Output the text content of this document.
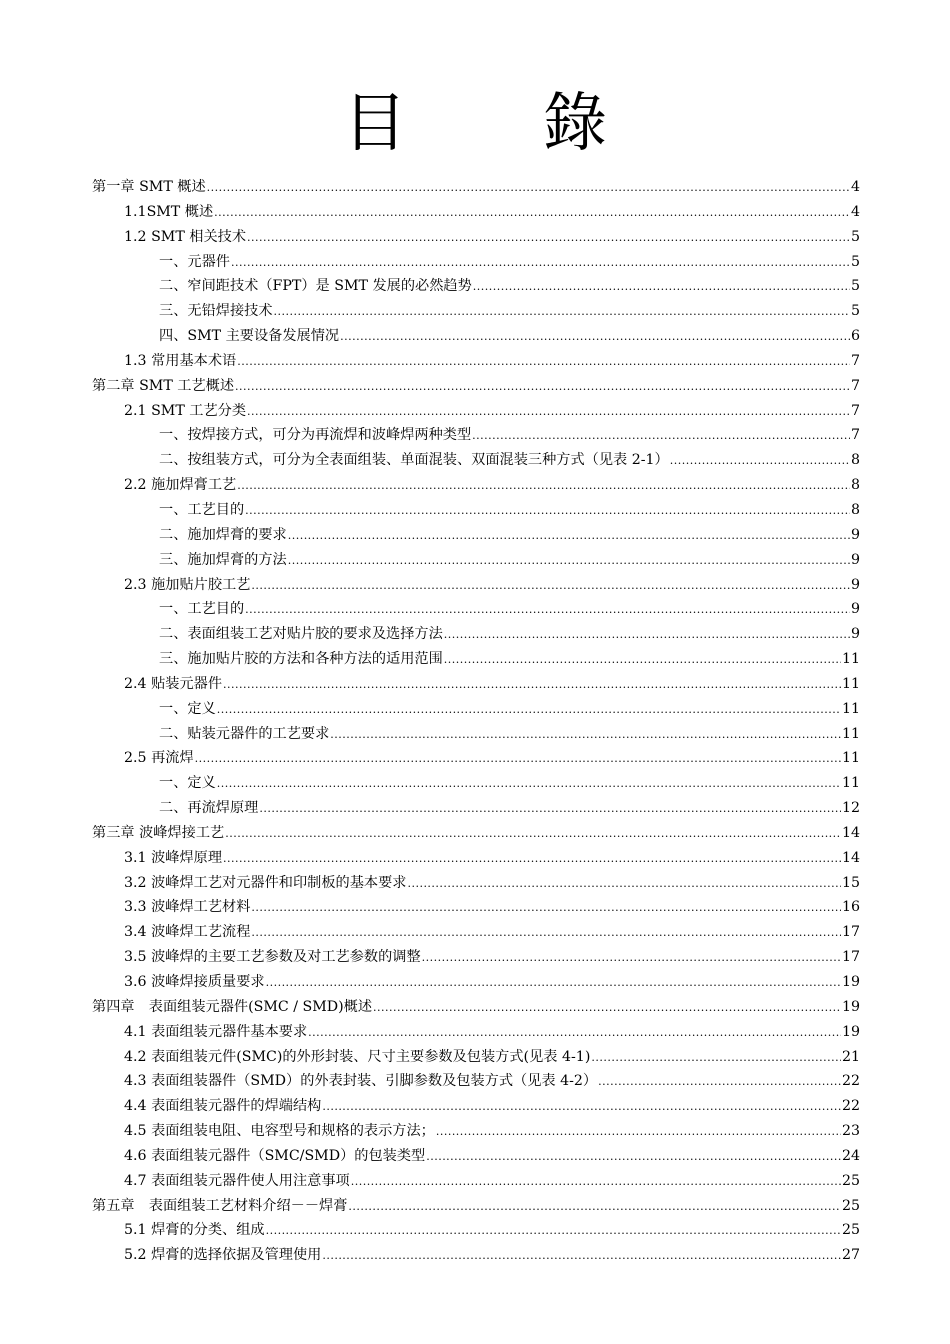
目　錄
第一章 SMT 概述 .....	4
1.1SMT 概述 .....	4
1.2 SMT 相关技术 .....	5
一、元器件 .....	5
二、窄间距技术（FPT）是 SMT 发展的必然趋势 .....	5
三、无铅焊接技术 .....	5
四、SMT 主要设备发展情况 .....	6
1.3 常用基本术语 .....	7
第二章 SMT 工艺概述 .....	7
2.1 SMT 工艺分类 .....	7
一、按焊接方式，可分为再流焊和波峰焊两种类型 .....	7
二、按组装方式，可分为全表面组装、单面混装、双面混装三种方式（见表 2-1） .....	8
2.2 施加焊膏工艺 .....	8
一、工艺目的 .....	8
二、施加焊膏的要求 .....	9
三、施加焊膏的方法 .....	9
2.3 施加贴片胶工艺 .....	9
一、工艺目的 .....	9
二、表面组装工艺对贴片胶的要求及选择方法 .....	9
三、施加贴片胶的方法和各种方法的适用范围 .....	11
2.4 贴装元器件 .....	11
一、定义 .....	11
二、贴装元器件的工艺要求 .....	11
2.5 再流焊 .....	11
一、定义 .....	11
二、再流焊原理 .....	12
第三章 波峰焊接工艺 .....	14
3.1 波峰焊原理 .....	14
3.2 波峰焊工艺对元器件和印制板的基本要求 .....	15
3.3 波峰焊工艺材料 .....	16
3.4 波峰焊工艺流程 .....	17
3.5 波峰焊的主要工艺参数及对工艺参数的调整 .....	17
3.6 波峰焊接质量要求 .....	19
第四章　表面组装元器件(SMC / SMD)概述 .....	19
4.1 表面组装元器件基本要求 .....	19
4.2 表面组装元件(SMC)的外形封装、尺寸主要参数及包装方式(见表 4-1) .....	21
4.3 表面组装器件（SMD）的外表封装、引脚参数及包装方式（见表 4-2） .....	22
4.4 表面组装元器件的焊端结构 .....	22
4.5 表面组装电阻、电容型号和规格的表示方法； .....	23
4.6 表面组装元器件（SMC/SMD）的包装类型 .....	24
4.7 表面组装元器件使人用注意事项 .....	25
第五章　表面组装工艺材料介绍－－焊膏 .....	25
5.1 焊膏的分类、组成 .....	25
5.2 焊膏的选择依据及管理使用 .....	27
